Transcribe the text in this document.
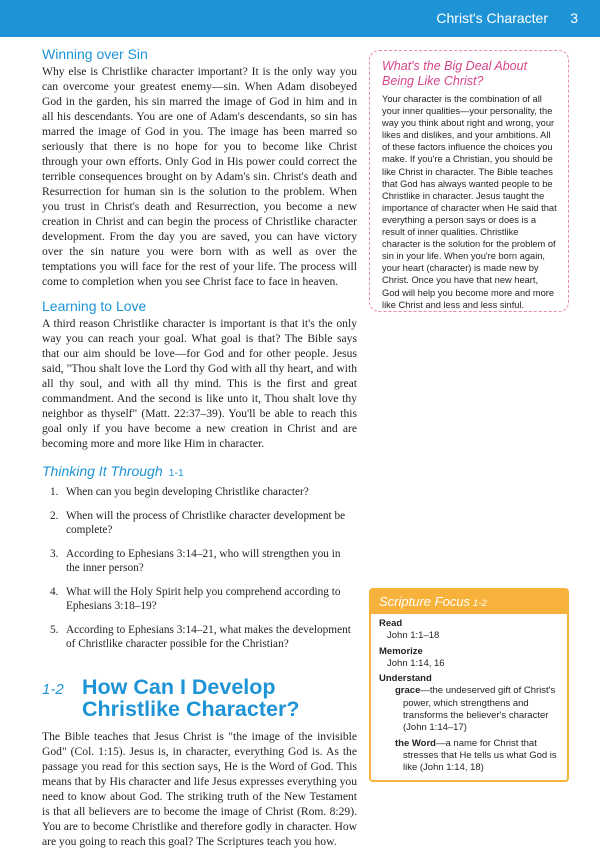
Christ's Character 3
Winning over Sin

Why else is Christlike character important? It is the only way you can overcome your greatest enemy—sin. When Adam disobeyed God in the garden, his sin marred the image of God in him and in all his descendants. You are one of Adam's descendants, so sin has marred the image of God in you. The image has been marred so seriously that there is no hope for you to become like Christ through your own efforts. Only God in His power could correct the terrible consequences brought on by Adam's sin. Christ's death and Resurrection for human sin is the solution to the problem. When you trust in Christ's death and Resurrection, you become a new creation in Christ and can begin the process of Christlike character development. From the day you are saved, you can have victory over the sin nature you were born with as well as over the temptations you will face for the rest of your life. The process will come to completion when you see Christ face to face in heaven.

Learning to Love

A third reason Christlike character is important is that it's the only way you can reach your goal. What goal is that? The Bible says that our aim should be love—for God and for other people. Jesus said, "Thou shalt love the Lord thy God with all thy heart, and with all thy soul, and with all thy mind. This is the first and great commandment. And the second is like unto it, Thou shalt love thy neighbor as thyself" (Matt. 22:37–39). You'll be able to reach this goal only if you have become a new creation in Christ and are becoming more and more like Him in character.

Thinking It Through 1-1
1. When can you begin developing Christlike character?
2. When will the process of Christlike character development be complete?
3. According to Ephesians 3:14–21, who will strengthen you in the inner person?
4. What will the Holy Spirit help you comprehend according to Ephesians 3:18–19?
5. According to Ephesians 3:14–21, what makes the development of Christlike character possible for the Christian?
1-2 How Can I Develop Christlike Character?

The Bible teaches that Jesus Christ is "the image of the invisible God" (Col. 1:15). Jesus is, in character, everything God is. As the passage you read for this section says, He is the Word of God. This means that by His character and life Jesus expresses everything you need to know about God. The striking truth of the New Testament is that all believers are to become the image of Christ (Rom. 8:29). You are to become Christlike and therefore godly in character. How are you going to reach this goal? The Scriptures teach you how.

What's the Big Deal About Being Like Christ?

Your character is the combination of all your inner qualities—your personality, the way you think about right and wrong, your likes and dislikes, and your ambitions. All of these factors influence the choices you make. If you're a Christian, you should be like Christ in character. The Bible teaches that God has always wanted people to be Christlike in character. Jesus taught the importance of character when He said that everything a person says or does is a result of inner qualities. Christlike character is the solution for the problem of sin in your life. When you're born again, your heart (character) is made new by Christ. Once you have that new heart, God will help you become more and more like Christ and less and less sinful.

Scripture Focus 1-2
Read
John 1:1–18
Memorize
John 1:14, 16
Understand
grace—the undeserved gift of Christ's power, which strengthens and transforms the believer's character (John 1:14–17)
the Word—a name for Christ that stresses that He tells us what God is like (John 1:14, 18)
